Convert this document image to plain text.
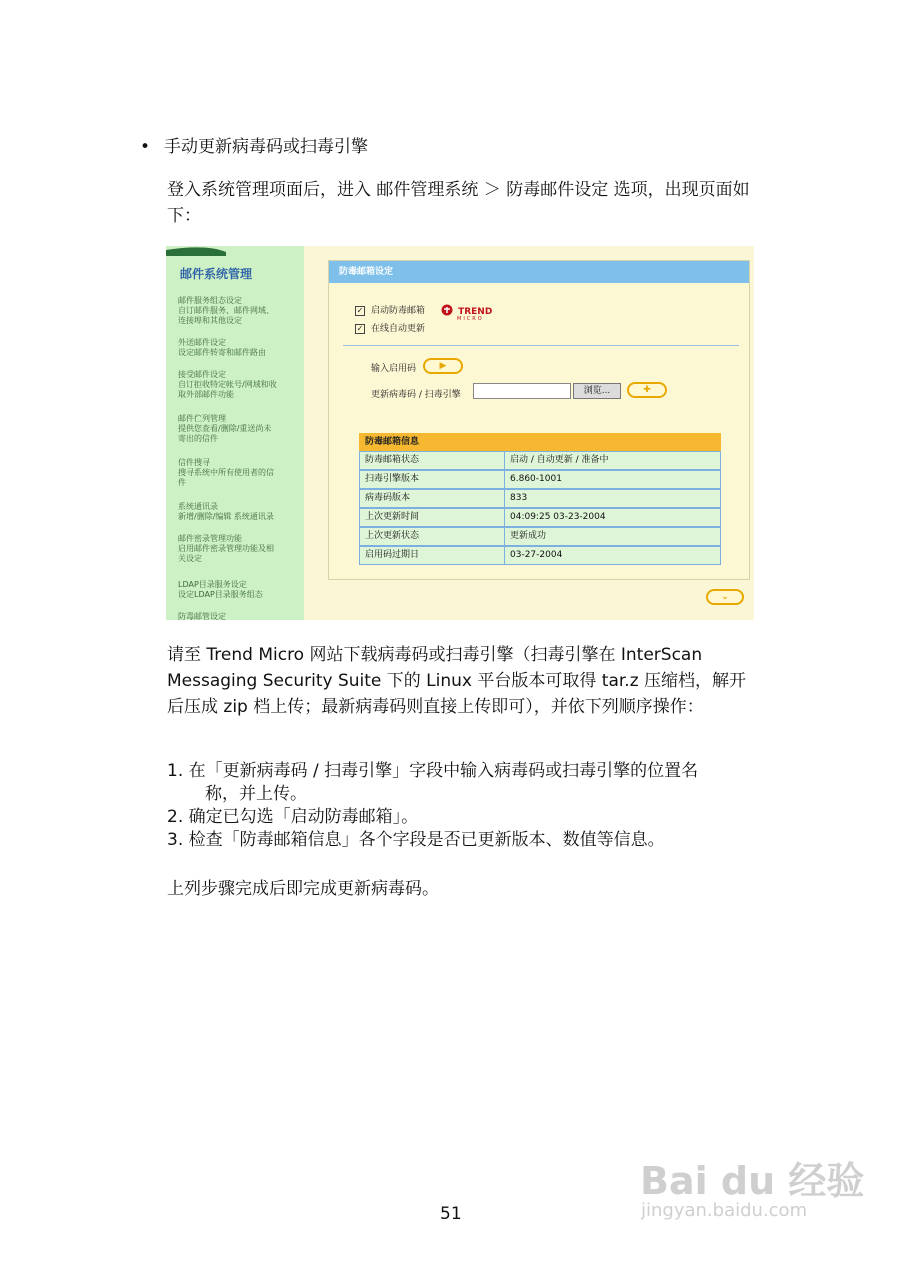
• 手动更新病毒码或扫毒引擎
登入系统管理项面后，进入 邮件管理系统 ＞ 防毒邮件设定 选项，出现页面如下：
邮件系统管理
邮件服务组态设定
自订邮件服务、邮件网域、
连接埠和其他设定
外送邮件设定
设定邮件转寄和邮件路由
接受邮件设定
自订拒收特定帐号/网域和收
取外部邮件功能
邮件伫列管理
提供您查看/删除/重送尚未
寄出的信件
信件搜寻
搜寻系统中所有使用者的信
件
系统通讯录
新增/删除/编辑 系统通讯录
邮件密录管理功能
启用邮件密录管理功能及相
关设定
LDAP目录服务设定
设定LDAP目录服务组态
防毒邮管设定
防毒邮箱设定
✓ 启动防毒邮箱
✓ 在线自动更新
TREND
MICRO
输入启用码	▶
更新病毒码 / 扫毒引擎	浏览...	✚
防毒邮箱信息
防毒邮箱状态	启动 / 自动更新 / 准备中
扫毒引擎版本	6.860-1001
病毒码版本	833
上次更新时间	04:09:25 03-23-2004
上次更新状态	更新成功
启用码过期日	03-27-2004
⌄
请至 Trend Micro 网站下载病毒码或扫毒引擎（扫毒引擎在 InterScan Messaging Security Suite 下的 Linux 平台版本可取得 tar.z 压缩档，解开后压成 zip 档上传；最新病毒码则直接上传即可），并依下列顺序操作：
1. 在「更新病毒码 / 扫毒引擎」字段中输入病毒码或扫毒引擎的位置名
称，并上传。
2. 确定已勾选「启动防毒邮箱」。
3. 检查「防毒邮箱信息」各个字段是否已更新版本、数值等信息。
上列步骤完成后即完成更新病毒码。
51
Bai du 经验
jingyan.baidu.com
